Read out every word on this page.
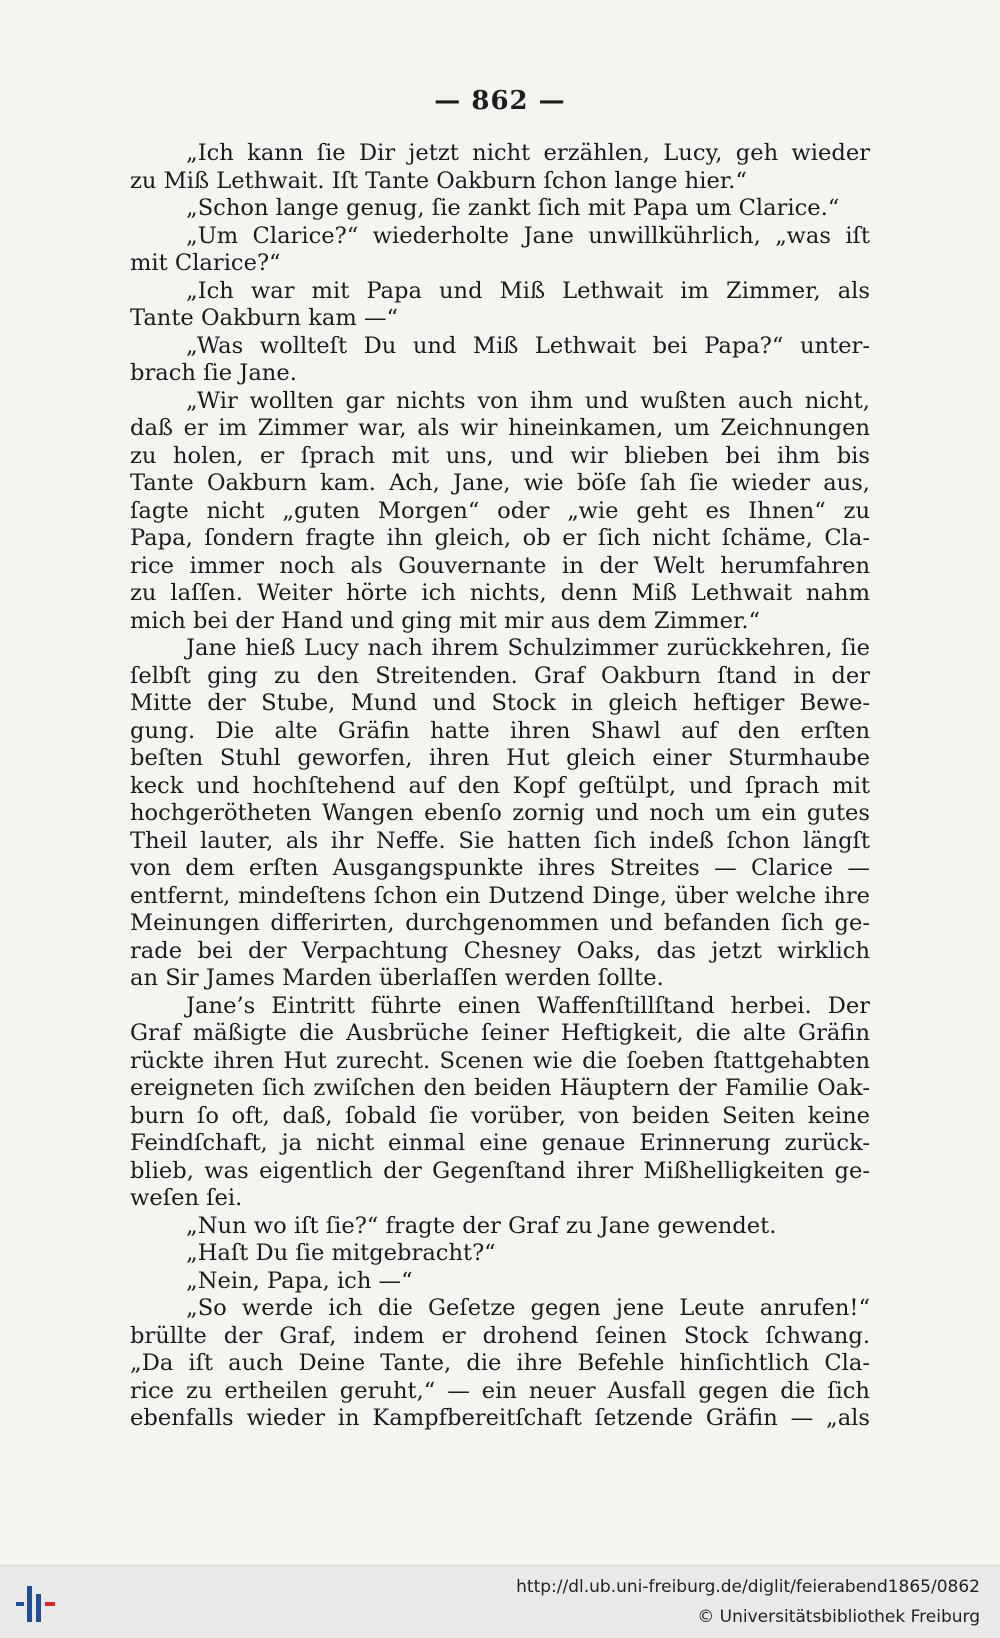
— 862 —
„Ich kann ſie Dir jetzt nicht erzählen, Lucy, geh wieder
zu Miß Lethwait. Iſt Tante Oakburn ſchon lange hier.“
„Schon lange genug, ſie zankt ſich mit Papa um Clarice.“
„Um Clarice?“ wiederholte Jane unwillkührlich, „was iſt
mit Clarice?“
„Ich war mit Papa und Miß Lethwait im Zimmer, als
Tante Oakburn kam —“
„Was wollteſt Du und Miß Lethwait bei Papa?“ unter-
brach ſie Jane.
„Wir wollten gar nichts von ihm und wußten auch nicht,
daß er im Zimmer war, als wir hineinkamen, um Zeichnungen
zu holen, er ſprach mit uns, und wir blieben bei ihm bis
Tante Oakburn kam. Ach, Jane, wie böſe ſah ſie wieder aus,
ſagte nicht „guten Morgen“ oder „wie geht es Ihnen“ zu
Papa, ſondern fragte ihn gleich, ob er ſich nicht ſchäme, Cla-
rice immer noch als Gouvernante in der Welt herumfahren
zu laſſen. Weiter hörte ich nichts, denn Miß Lethwait nahm
mich bei der Hand und ging mit mir aus dem Zimmer.“
Jane hieß Lucy nach ihrem Schulzimmer zurückkehren, ſie
ſelbſt ging zu den Streitenden. Graf Oakburn ſtand in der
Mitte der Stube, Mund und Stock in gleich heftiger Bewe-
gung. Die alte Gräfin hatte ihren Shawl auf den erſten
beſten Stuhl geworfen, ihren Hut gleich einer Sturmhaube
keck und hochſtehend auf den Kopf geſtülpt, und ſprach mit
hochgerötheten Wangen ebenſo zornig und noch um ein gutes
Theil lauter, als ihr Neffe. Sie hatten ſich indeß ſchon längſt
von dem erſten Ausgangspunkte ihres Streites — Clarice —
entfernt, mindeſtens ſchon ein Dutzend Dinge, über welche ihre
Meinungen differirten, durchgenommen und befanden ſich ge-
rade bei der Verpachtung Chesney Oaks, das jetzt wirklich
an Sir James Marden überlaſſen werden ſollte.
Jane’s Eintritt führte einen Waffenſtillſtand herbei. Der
Graf mäßigte die Ausbrüche ſeiner Heftigkeit, die alte Gräfin
rückte ihren Hut zurecht. Scenen wie die ſoeben ſtattgehabten
ereigneten ſich zwiſchen den beiden Häuptern der Familie Oak-
burn ſo oft, daß, ſobald ſie vorüber, von beiden Seiten keine
Feindſchaft, ja nicht einmal eine genaue Erinnerung zurück-
blieb, was eigentlich der Gegenſtand ihrer Mißhelligkeiten ge-
weſen ſei.
„Nun wo iſt ſie?“ fragte der Graf zu Jane gewendet.
„Haſt Du ſie mitgebracht?“
„Nein, Papa, ich —“
„So werde ich die Geſetze gegen jene Leute anrufen!“
brüllte der Graf, indem er drohend ſeinen Stock ſchwang.
„Da iſt auch Deine Tante, die ihre Befehle hinſichtlich Cla-
rice zu ertheilen geruht,“ — ein neuer Ausfall gegen die ſich
ebenfalls wieder in Kampfbereitſchaft ſetzende Gräfin — „als
http://dl.ub.uni-freiburg.de/diglit/feierabend1865/0862
© Universitätsbibliothek Freiburg
